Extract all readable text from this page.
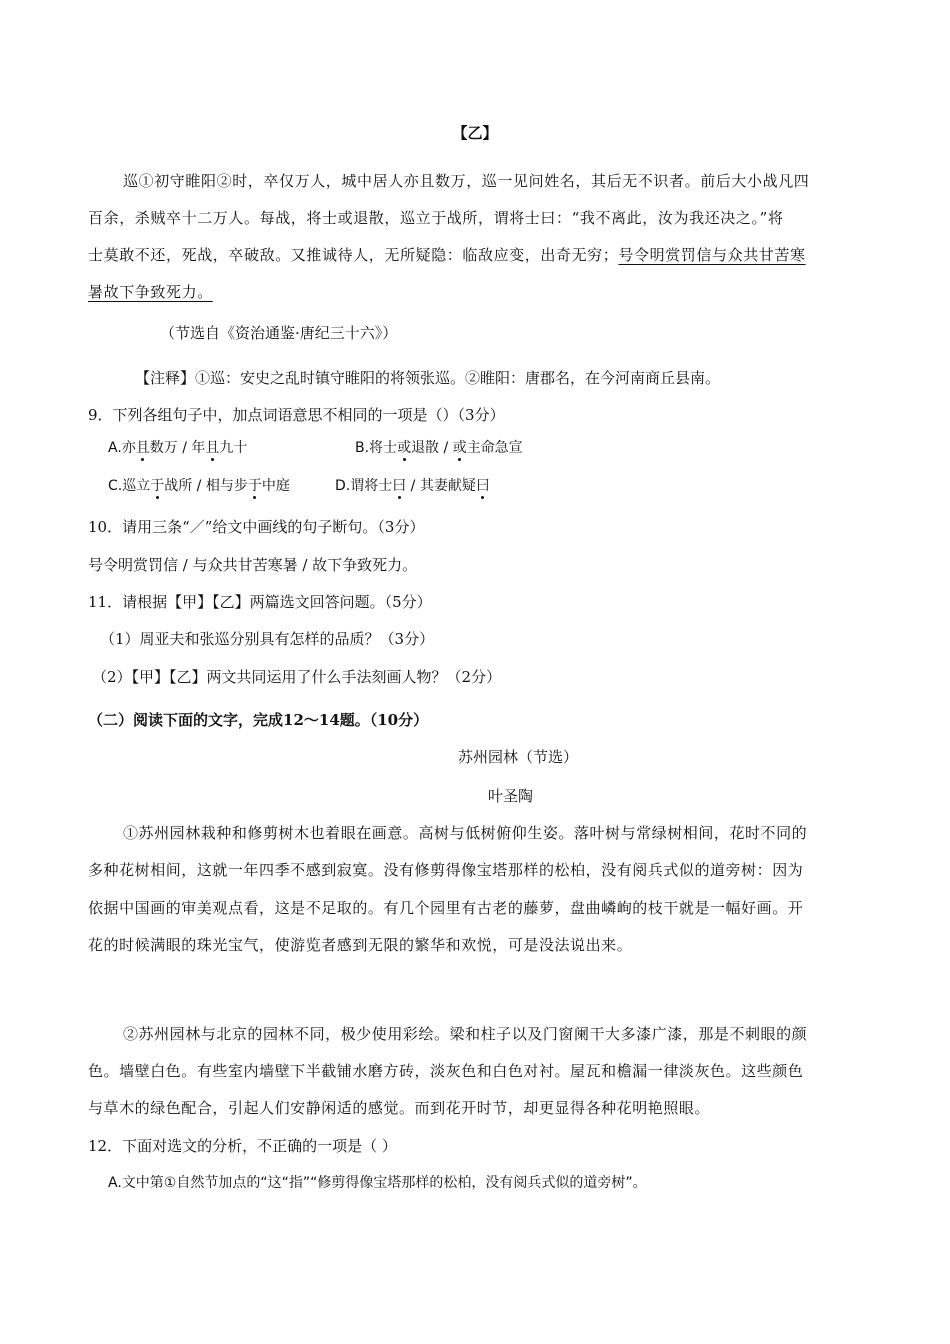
【乙】
巡①初守睢阳②时，卒仅万人，城中居人亦且数万，巡一见问姓名，其后无不识者。前后大小战凡四
百余，杀贼卒十二万人。每战，将士或退散，巡立于战所，谓将士曰：“我不离此，汝为我还决之。”将
士莫敢不还，死战，卒破敌。又推诚待人，无所疑隐：临敌应变，出奇无穷；号令明赏罚信与众共甘苦寒
暑故下争致死力。
（节选自《资治通鉴·唐纪三十六》）
【注释】①巡：安史之乱时镇守睢阳的将领张巡。②睢阳：唐郡名，在今河南商丘县南。
9．下列各组句子中，加点词语意思不相同的一项是（）（3分）
A.亦且数万 / 年且九十	B.将士或退散 / 或主命急宣
C.巡立于战所 / 相与步于中庭	D.谓将士曰 / 其妻献疑曰
10．请用三条“／”给文中画线的句子断句。（3分）
号令明赏罚信 / 与众共甘苦寒暑 / 故下争致死力。
11．请根据【甲】【乙】两篇选文回答问题。（5分）
（1）周亚夫和张巡分别具有怎样的品质？（3分）
（2）【甲】【乙】两文共同运用了什么手法刻画人物？（2分）
（二）阅读下面的文字，完成12～14题。（10分）
苏州园林（节选）
叶圣陶
①苏州园林栽种和修剪树木也着眼在画意。高树与低树俯仰生姿。落叶树与常绿树相间，花时不同的
多种花树相间，这就一年四季不感到寂寞。没有修剪得像宝塔那样的松柏，没有阅兵式似的道旁树：因为
依据中国画的审美观点看，这是不足取的。有几个园里有古老的藤萝，盘曲嶙峋的枝干就是一幅好画。开
花的时候满眼的珠光宝气，使游览者感到无限的繁华和欢悦，可是没法说出来。
②苏州园林与北京的园林不同，极少使用彩绘。梁和柱子以及门窗阑干大多漆广漆，那是不刺眼的颜
色。墙壁白色。有些室内墙壁下半截铺水磨方砖，淡灰色和白色对衬。屋瓦和檐漏一律淡灰色。这些颜色
与草木的绿色配合，引起人们安静闲适的感觉。而到花开时节，却更显得各种花明艳照眼。
12．下面对选文的分析，不正确的一项是（ ）
A.文中第①自然节加点的“这“指”“修剪得像宝塔那样的松柏，没有阅兵式似的道旁树”。
